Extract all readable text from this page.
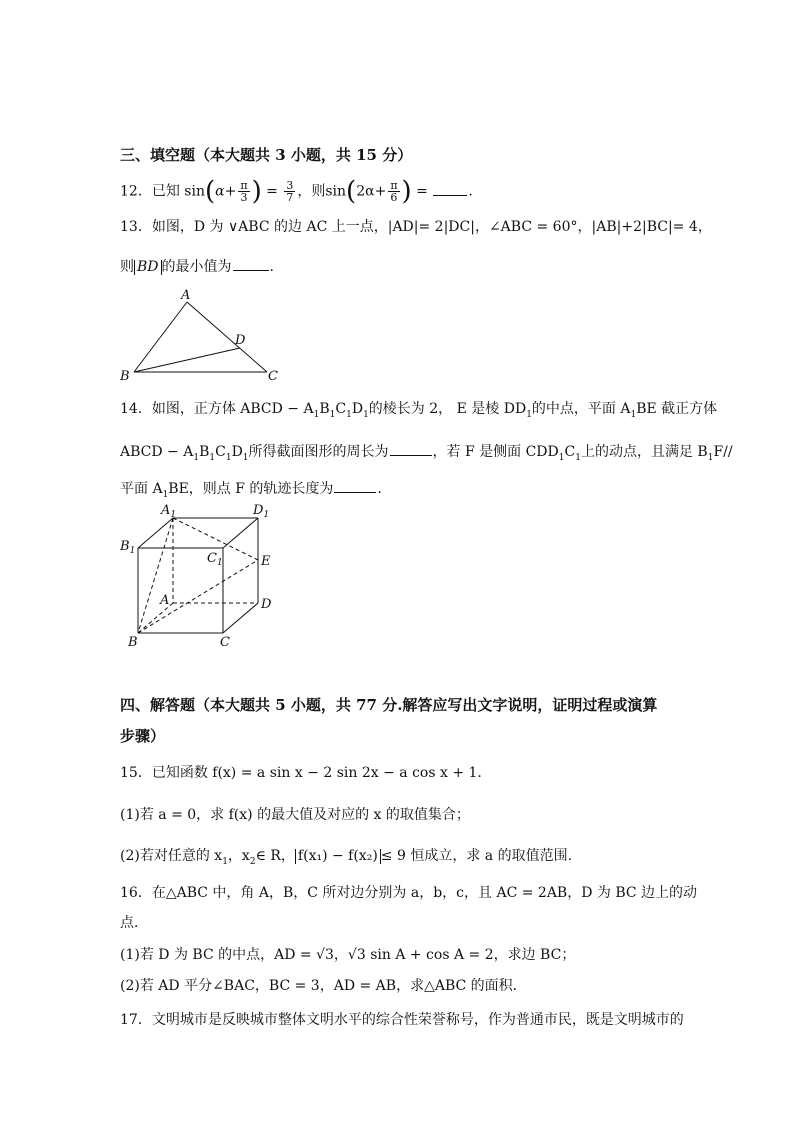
三、填空题（本大题共 3 小题，共 15 分）
12．已知 $\sin(\alpha+ \frac{\pi}{3}$ ) = $\frac{3}{7}$ ，则$\sin(2\alpha+ \frac{\pi}{6}$ ) =	.
13．如图，D 为 ∨ABC 的边 AC 上一点，|AD|= 2|DC|，∠ABC = 60°，|AB|+2|BC|= 4，
则 BD 的最小值为	.
A
B	C
D
14．如图，正方体 ABCD − $A_1B_1C_1D_1$的棱长为 2， E 是棱 $DD_1$的中点，平面 $A_1BE$ 截正方体
ABCD − $A_1B_1C_1D_1$所得截面图形的周长为	，若 F 是侧面 $CDD_1C_1$上的动点，且满足 $B_1F//$
平面 $A_1BE$，则点 F 的轨迹长度为	.
$A_1$	$D_1$
$B_1$	$C_1$	E
A	D
B	C
四、解答题（本大题共 5 小题，共 77 分.解答应写出文字说明，证明过程或演算
步骤）
15．已知函数 f(x) = a sin x − 2 sin 2x − a cos x + 1.
(1)若 a = 0，求 f(x) 的最大值及对应的 x 的取值集合；
(2)若对任意的 $x_1$，$x_2\in$ R， f(x₁) − f(x₂) ≤ 9 恒成立，求 a 的取值范围.
16．在△ABC 中，角 A，B，C 所对边分别为 a，b，c，且 AC = 2AB，D 为 BC 边上的动
点．
(1)若 D 为 BC 的中点，AD = √3，√3 sin A + cos A = 2，求边 BC；
(2)若 AD 平分∠BAC，BC = 3，AD = AB，求△ABC 的面积．
17．文明城市是反映城市整体文明水平的综合性荣誉称号，作为普通市民，既是文明城市的
